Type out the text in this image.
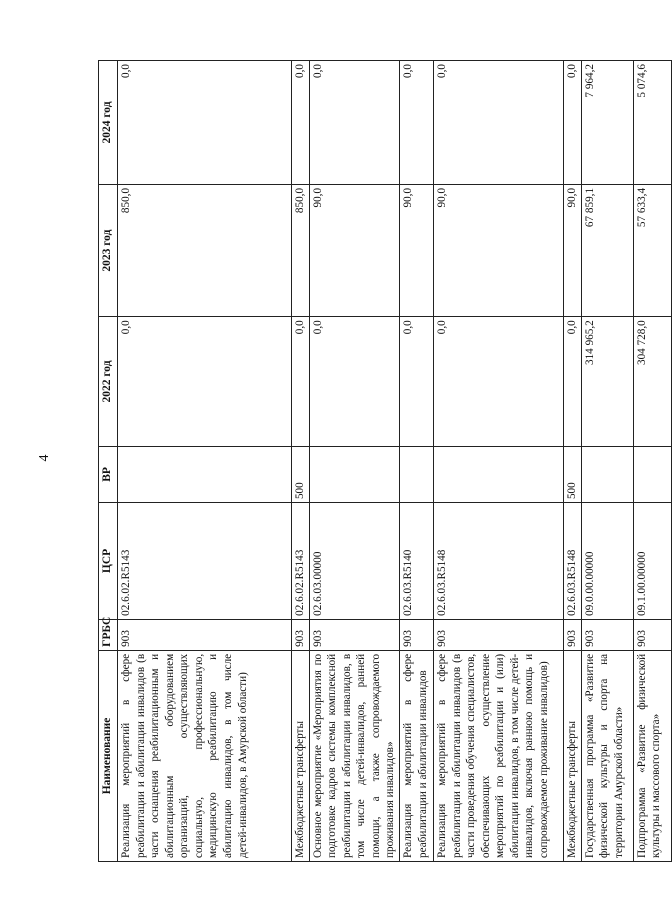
4
Наименование	ГРБС	ЦСР	ВР	2022 год	2023 год	2024 год
Реализация мероприятий в сфере реабилитации и абилитации инвалидов (в части оснащения реабилитационным и абилитационным оборудованием организаций, осуществляющих социальную, профессиональную, медицинскую реабилитацию и абилитацию инвалидов, в том числе детей-инвалидов, в Амурской области)	903	02.6.02.R5143		0,0	850,0	0,0
Межбюджетные трансферты	903	02.6.02.R5143	500	0,0	850,0	0,0
Основное мероприятие «Мероприятия по подготовке кадров системы комплексной реабилитации и абилитации инвалидов, в том числе детей-инвалидов, ранней помощи, а также сопровождаемого проживания инвалидов»	903	02.6.03.00000		0,0	90,0	0,0
Реализация мероприятий в сфере реабилитации и абилитации инвалидов	903	02.6.03.R5140		0,0	90,0	0,0
Реализация мероприятий в сфере реабилитации и абилитации инвалидов (в части проведения обучения специалистов, обеспечивающих осуществление мероприятий по реабилитации и (или) абилитации инвалидов, в том числе детей-инвалидов, включая раннюю помощь и сопровождаемое проживание инвалидов)	903	02.6.03.R5148		0,0	90,0	0,0
Межбюджетные трансферты	903	02.6.03.R5148	500	0,0	90,0	0,0
Государственная программа «Развитие физической культуры и спорта на территории Амурской области»	903	09.0.00.00000		314 965,2	67 859,1	7 964,2
Подпрограмма «Развитие физической культуры и массового спорта»	903	09.1.00.00000		304 728,0	57 633,4	5 074,6
